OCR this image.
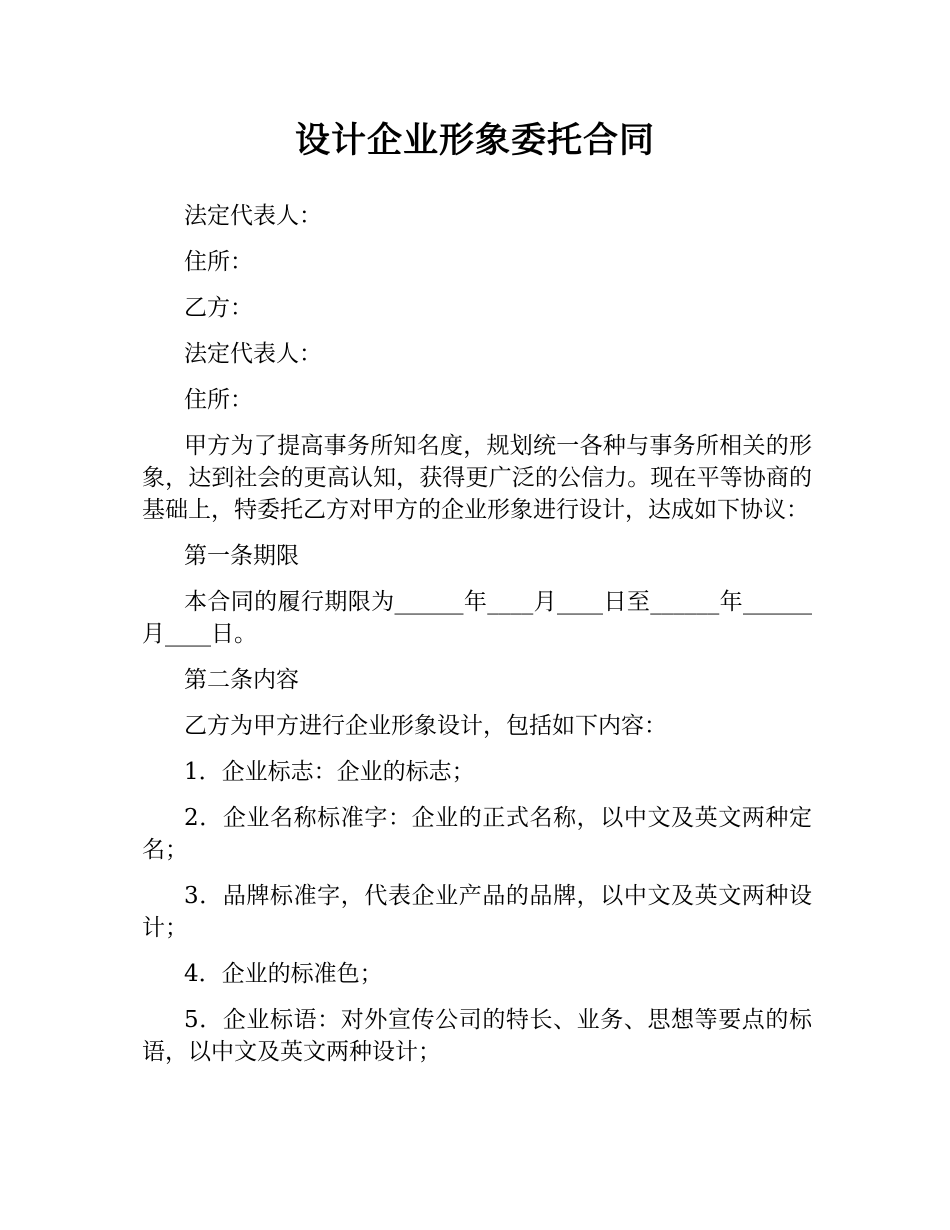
设计企业形象委托合同

法定代表人：

住所：

乙方：

法定代表人：

住所：

甲方为了提高事务所知名度，规划统一各种与事务所相关的形象，达到社会的更高认知，获得更广泛的公信力。现在平等协商的基础上，特委托乙方对甲方的企业形象进行设计，达成如下协议：

第一条期限

本合同的履行期限为______年____月____日至______年______月____日。

第二条内容

乙方为甲方进行企业形象设计，包括如下内容：

1．企业标志：企业的标志；

2．企业名称标准字：企业的正式名称，以中文及英文两种定名；

3．品牌标准字，代表企业产品的品牌，以中文及英文两种设计；

4．企业的标准色；

5．企业标语：对外宣传公司的特长、业务、思想等要点的标语，以中文及英文两种设计；
